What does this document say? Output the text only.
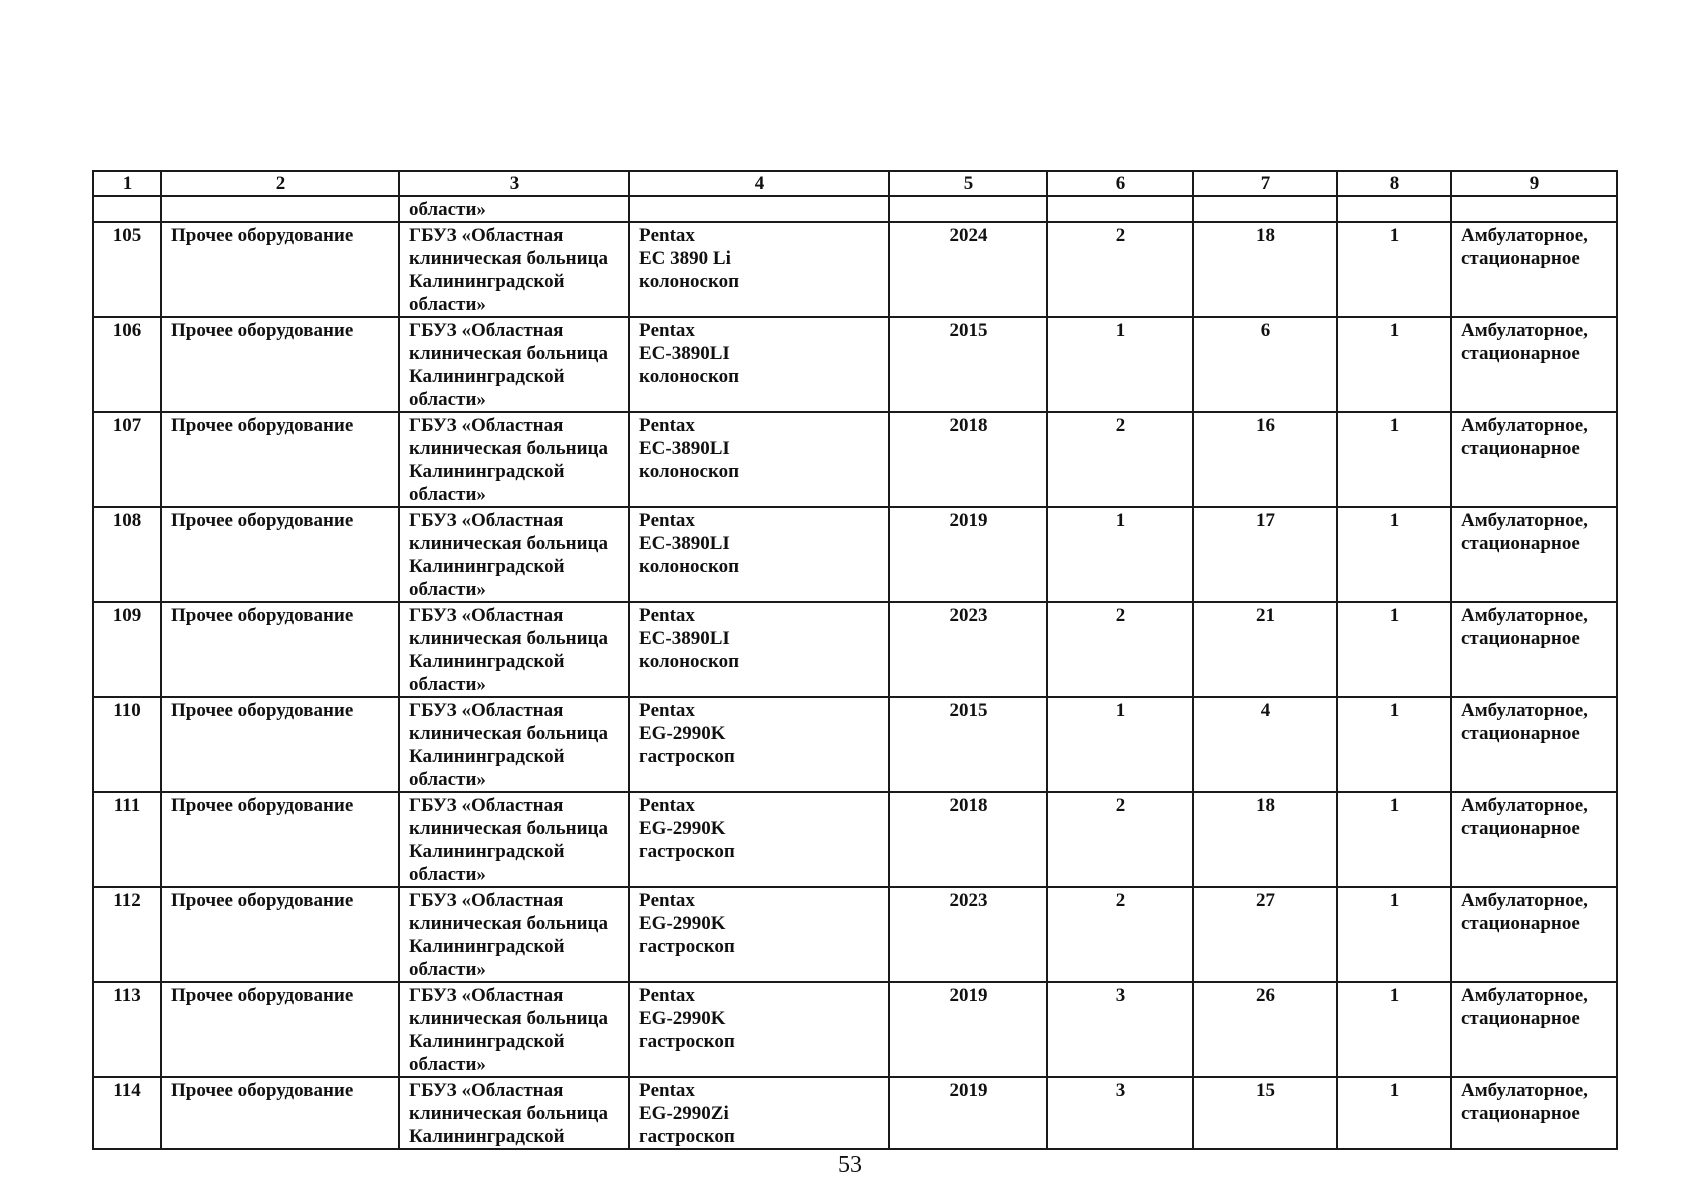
1	2	3	4	5	6	7	8	9
		области»						
105	Прочее оборудование	ГБУЗ «Областная
клиническая больница
Калининградской
области»	Pentax
EC 3890 Li
колоноскоп	2024	2	18	1	Амбулаторное,
стационарное

106	Прочее оборудование	ГБУЗ «Областная
клиническая больница
Калининградской
области»	Pentax
EC-3890LI
колоноскоп	2015	1	6	1	Амбулаторное,
стационарное

107	Прочее оборудование	ГБУЗ «Областная
клиническая больница
Калининградской
области»	Pentax
EC-3890LI
колоноскоп	2018	2	16	1	Амбулаторное,
стационарное

108	Прочее оборудование	ГБУЗ «Областная
клиническая больница
Калининградской
области»	Pentax
EC-3890LI
колоноскоп	2019	1	17	1	Амбулаторное,
стационарное

109	Прочее оборудование	ГБУЗ «Областная
клиническая больница
Калининградской
области»	Pentax
EC-3890LI
колоноскоп	2023	2	21	1	Амбулаторное,
стационарное

110	Прочее оборудование	ГБУЗ «Областная
клиническая больница
Калининградской
области»	Pentax
EG-2990K
гастроскоп	2015	1	4	1	Амбулаторное,
стационарное

111	Прочее оборудование	ГБУЗ «Областная
клиническая больница
Калининградской
области»	Pentax
EG-2990K
гастроскоп	2018	2	18	1	Амбулаторное,
стационарное

112	Прочее оборудование	ГБУЗ «Областная
клиническая больница
Калининградской
области»	Pentax
EG-2990K
гастроскоп	2023	2	27	1	Амбулаторное,
стационарное

113	Прочее оборудование	ГБУЗ «Областная
клиническая больница
Калининградской
области»	Pentax
EG-2990K
гастроскоп	2019	3	26	1	Амбулаторное,
стационарное

114	Прочее оборудование	ГБУЗ «Областная
клиническая больница
Калининградской	Pentax
EG-2990Zi
гастроскоп	2019	3	15	1	Амбулаторное,
стационарное
53
